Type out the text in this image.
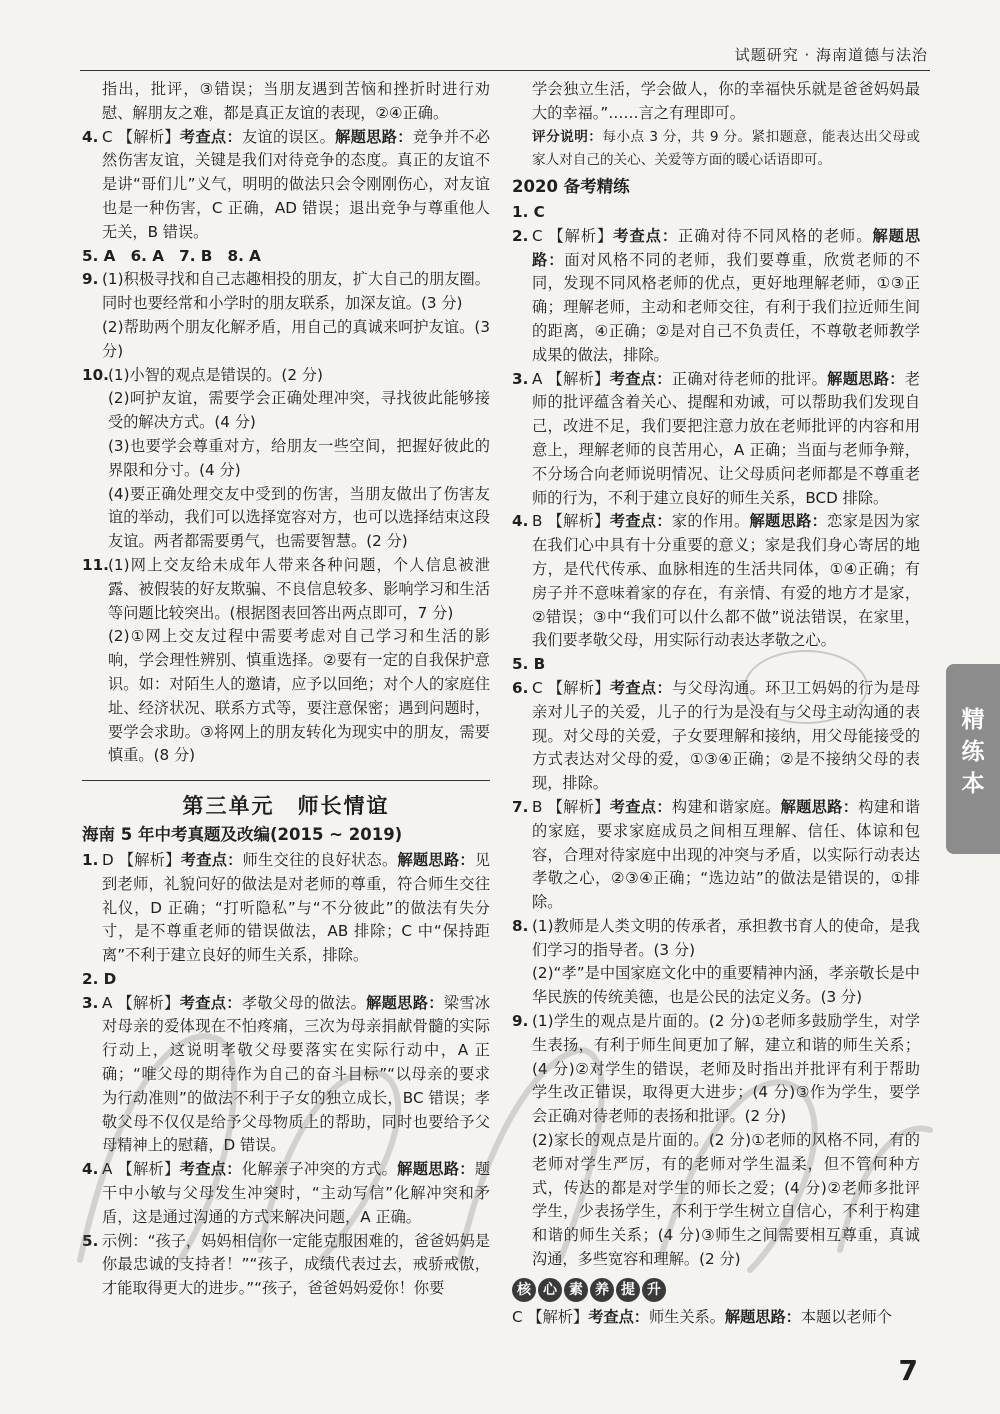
试题研究 · 海南道德与法治

指出，批评，③错误；当朋友遇到苦恼和挫折时进行劝慰、解朋友之难，都是真正友谊的表现，②④正确。

4. C 【解析】考查点：友谊的误区。解题思路：竞争并不必然伤害友谊，关键是我们对待竞争的态度。真正的友谊不是讲“哥们儿”义气，明明的做法只会令刚刚伤心，对友谊也是一种伤害，C 正确，AD 错误；退出竞争与尊重他人无关，B 错误。

5. A　6. A　7. B　8. A

9. (1)积极寻找和自己志趣相投的朋友，扩大自己的朋友圈。同时也要经常和小学时的朋友联系，加深友谊。(3 分)

(2)帮助两个朋友化解矛盾，用自己的真诚来呵护友谊。(3 分)

10. (1)小智的观点是错误的。(2 分)

(2)呵护友谊，需要学会正确处理冲突，寻找彼此能够接受的解决方式。(4 分)

(3)也要学会尊重对方，给朋友一些空间，把握好彼此的界限和分寸。(4 分)

(4)要正确处理交友中受到的伤害，当朋友做出了伤害友谊的举动，我们可以选择宽容对方，也可以选择结束这段友谊。两者都需要勇气，也需要智慧。(2 分)

11. (1)网上交友给未成年人带来各种问题，个人信息被泄露、被假装的好友欺骗、不良信息较多、影响学习和生活等问题比较突出。(根据图表回答出两点即可，7 分)

(2)①网上交友过程中需要考虑对自己学习和生活的影响，学会理性辨别、慎重选择。②要有一定的自我保护意识。如：对陌生人的邀请，应予以回绝；对个人的家庭住址、经济状况、联系方式等，要注意保密；遇到问题时，要学会求助。③将网上的朋友转化为现实中的朋友，需要慎重。(8 分)

第三单元　师长情谊
海南 5 年中考真题及改编(2015 ~ 2019)
1. D 【解析】考查点：师生交往的良好状态。解题思路：见到老师，礼貌问好的做法是对老师的尊重，符合师生交往礼仪，D 正确；“打听隐私”与“不分彼此”的做法有失分寸，是不尊重老师的错误做法，AB 排除；C 中“保持距离”不利于建立良好的师生关系，排除。

2. D

3. A 【解析】考查点：孝敬父母的做法。解题思路：梁雪冰对母亲的爱体现在不怕疼痛，三次为母亲捐献骨髓的实际行动上，这说明孝敬父母要落实在实际行动中，A 正确；“唯父母的期待作为自己的奋斗目标”“以母亲的要求为行动准则”的做法不利于子女的独立成长，BC 错误；孝敬父母不仅仅是给予父母物质上的帮助，同时也要给予父母精神上的慰藉，D 错误。
4. A 【解析】考查点：化解亲子冲突的方式。解题思路：题干中小敏与父母发生冲突时，“主动写信”化解冲突和矛盾，这是通过沟通的方式来解决问题，A 正确。
5. 示例：“孩子，妈妈相信你一定能克服困难的，爸爸妈妈是你最忠诚的支持者！”“孩子，成绩代表过去，戒骄戒傲，才能取得更大的进步。”“孩子，爸爸妈妈爱你！你要

学会独立生活，学会做人，你的幸福快乐就是爸爸妈妈最大的幸福。”……言之有理即可。

评分说明：每小点 3 分，共 9 分。紧扣题意，能表达出父母或家人对自己的关心、关爱等方面的暖心话语即可。

2020 备考精练

1. C

2. C 【解析】考查点：正确对待不同风格的老师。解题思路：面对风格不同的老师，我们要尊重，欣赏老师的不同，发现不同风格老师的优点，更好地理解老师，①③正确；理解老师，主动和老师交往，有利于我们拉近师生间的距离，④正确；②是对自己不负责任，不尊敬老师教学成果的做法，排除。
3. A 【解析】考查点：正确对待老师的批评。解题思路：老师的批评蕴含着关心、提醒和劝诫，可以帮助我们发现自己，改进不足，我们要把注意力放在老师批评的内容和用意上，理解老师的良苦用心，A 正确；当面与老师争辩，不分场合向老师说明情况、让父母质问老师都是不尊重老师的行为，不利于建立良好的师生关系，BCD 排除。
4. B 【解析】考查点：家的作用。解题思路：恋家是因为家在我们心中具有十分重要的意义；家是我们身心寄居的地方，是代代传承、血脉相连的生活共同体，①④正确；有房子并不意味着家的存在，有亲情、有爱的地方才是家，②错误；③中“我们可以什么都不做”说法错误，在家里，我们要孝敬父母，用实际行动表达孝敬之心。

5. B

6. C 【解析】考查点：与父母沟通。环卫工妈妈的行为是母亲对儿子的关爱，儿子的行为是没有与父母主动沟通的表现。对父母的关爱，子女要理解和接纳，用父母能接受的方式表达对父母的爱，①③④正确；②是不接纳父母的表现，排除。
7. B 【解析】考查点：构建和谐家庭。解题思路：构建和谐的家庭，要求家庭成员之间相互理解、信任、体谅和包容，合理对待家庭中出现的冲突与矛盾，以实际行动表达孝敬之心，②③④正确；“选边站”的做法是错误的，①排除。
8. (1)教师是人类文明的传承者，承担教书育人的使命，是我们学习的指导者。(3 分)

(2)“孝”是中国家庭文化中的重要精神内涵，孝亲敬长是中华民族的传统美德，也是公民的法定义务。(3 分)

9. (1)学生的观点是片面的。(2 分)①老师多鼓励学生，对学生表扬，有利于师生间更加了解，建立和谐的师生关系；(4 分)②对学生的错误，老师及时指出并批评有利于帮助学生改正错误，取得更大进步；(4 分)③作为学生，要学会正确对待老师的表扬和批评。(2 分)

(2)家长的观点是片面的。(2 分)①老师的风格不同，有的老师对学生严厉，有的老师对学生温柔，但不管何种方式，传达的都是对学生的师长之爱；(4 分)②老师多批评学生，少表扬学生，不利于学生树立自信心，不利于构建和谐的师生关系；(4 分)③师生之间需要相互尊重，真诚沟通，多些宽容和理解。(2 分)

核 心 素 养 提 升

C 【解析】考查点：师生关系。解题思路：本题以老师个

精练本
7
